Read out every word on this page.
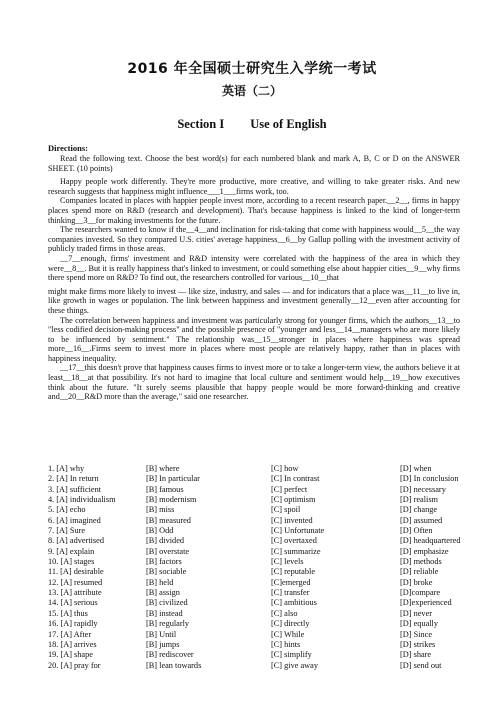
2016 年全国硕士研究生入学统一考试
英语（二）
Section I Use of English
Directions:

Read the following text. Choose the best word(s) for each numbered blank and mark A, B, C or D on the ANSWER SHEET. (10 points)

Happy people work differently. They're more productive, more creative, and willing to take greater risks. And new research suggests that happiness might influence___1___firms work, too.

Companies located in places with happier people invest more, according to a recent research paper.__2__, firms in happy places spend more on R&D (research and development). That's because happiness is linked to the kind of longer-term thinking__3__for making investments for the future.

The researchers wanted to know if the__4__and inclination for risk-taking that come with happiness would__5__the way companies invested. So they compared U.S. cities' average happiness__6__by Gallup polling with the investment activity of publicly traded firms in those areas.

__7__enough, firms' investment and R&D intensity were correlated with the happiness of the area in which they were__8__. But it is really happiness that's linked to investment, or could something else about happier cities__9__why firms there spend more on R&D? To find out, the researchers controlled for various__10__that

might make firms more likely to invest — like size, industry, and sales — and for indicators that a place was__11__to live in, like growth in wages or population. The link between happiness and investment generally__12__even after accounting for these things.

The correlation between happiness and investment was particularly strong for younger firms, which the authors__13__to "less codified decision-making process" and the possible presence of "younger and less__14__managers who are more likely to be influenced by sentiment." The relationship was__15__stronger in places where happiness was spread more__16__.Firms seem to invest more in places where most people are relatively happy, rather than in places with happiness inequality.

__17__this doesn't prove that happiness causes firms to invest more or to take a longer-term view, the authors believe it at least__18__at that possibility. It's not hard to imagine that local culture and sentiment would help__19__how executives think about the future. "It surely seems plausible that happy people would be more forward-thinking and creative and__20__R&D more than the average," said one researcher.

1. [A] why	[B] where	[C] how	[D] when
2. [A] In return	[B] In particular	[C] In contrast	[D] In conclusion
3. [A] sufficient	[B] famous	[C] perfect	[D] necessary
4. [A] individualism	[B] modernism	[C] optimism	[D] realism
5. [A] echo	[B] miss	[C] spoil	[D] change
6. [A] imagined	[B] measured	[C] invented	[D] assumed
7. [A] Sure	[B] Odd	[C] Unfortunate	[D] Often
8. [A] advertised	[B] divided	[C] overtaxed	[D] headquartered
9. [A] explain	[B] overstate	[C] summarize	[D] emphasize
10. [A] stages	[B] factors	[C] levels	[D] methods
11. [A] desirable	[B] sociable	[C] reputable	[D] reliable
12. [A] resumed	[B] held	[C]emerged	[D] broke
13. [A] attribute	[B] assign	[C] transfer	[D]compare
14. [A] serious	[B] civilized	[C] ambitious	[D]experienced
15. [A] thus	[B] instead	[C] also	[D] never
16. [A] rapidly	[B] regularly	[C] directly	[D] equally
17. [A] After	[B] Until	[C] While	[D] Since
18. [A] arrives	[B] jumps	[C] hints	[D] strikes
19. [A] shape	[B] rediscover	[C] simplify	[D] share
20. [A] pray for	[B] lean towards	[C] give away	[D] send out
